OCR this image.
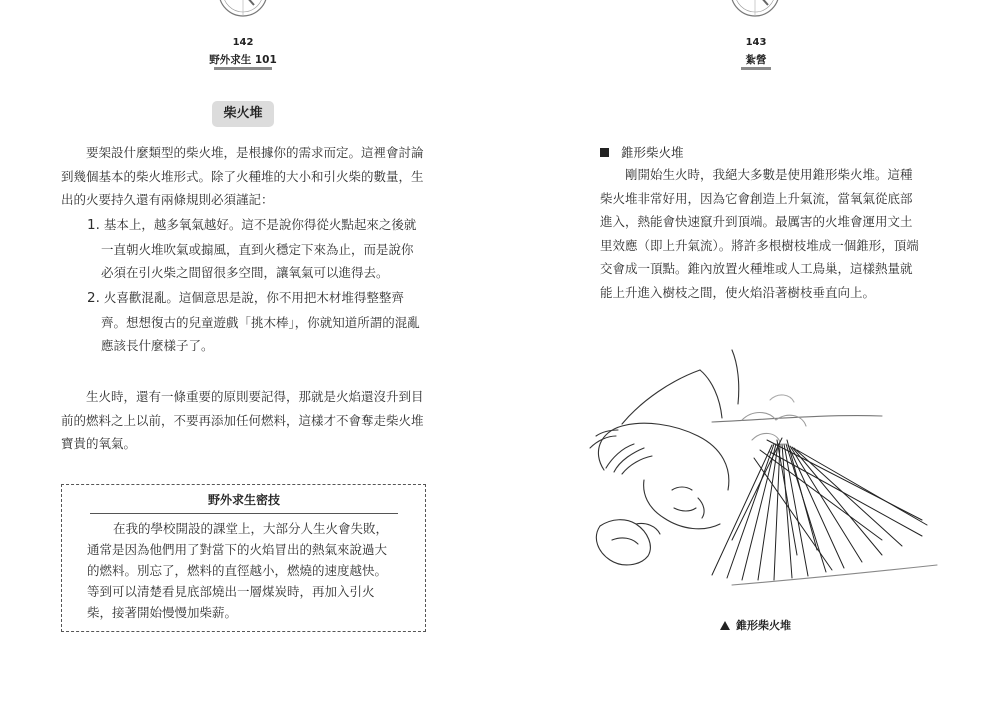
142
野外求生 101
柴火堆
要架設什麼類型的柴火堆，是根據你的需求而定。這裡會討論
到幾個基本的柴火堆形式。除了火種堆的大小和引火柴的數量，生
出的火要持久還有兩條規則必須謹記：
1. 基本上，越多氧氣越好。這不是說你得從火點起來之後就
一直朝火堆吹氣或搧風，直到火穩定下來為止，而是說你
必須在引火柴之間留很多空間，讓氧氣可以進得去。
2. 火喜歡混亂。這個意思是說，你不用把木材堆得整整齊
齊。想想復古的兒童遊戲「挑木棒」，你就知道所謂的混亂
應該長什麼樣子了。
生火時，還有一條重要的原則要記得，那就是火焰還沒升到目
前的燃料之上以前，不要再添加任何燃料，這樣才不會奪走柴火堆
寶貴的氧氣。
野外求生密技
在我的學校開設的課堂上，大部分人生火會失敗，
通常是因為他們用了對當下的火焰冒出的熱氣來說過大
的燃料。別忘了，燃料的直徑越小，燃燒的速度越快。
等到可以清楚看見底部燒出一層煤炭時，再加入引火
柴，接著開始慢慢加柴薪。
143
紮營
錐形柴火堆
剛開始生火時，我絕大多數是使用錐形柴火堆。這種
柴火堆非常好用，因為它會創造上升氣流，當氧氣從底部
進入，熱能會快速竄升到頂端。最厲害的火堆會運用文土
里效應（即上升氣流）。將許多根樹枝堆成一個錐形，頂端
交會成一頂點。錐內放置火種堆或人工鳥巢，這樣熱量就
能上升進入樹枝之間，使火焰沿著樹枝垂直向上。
錐形柴火堆
